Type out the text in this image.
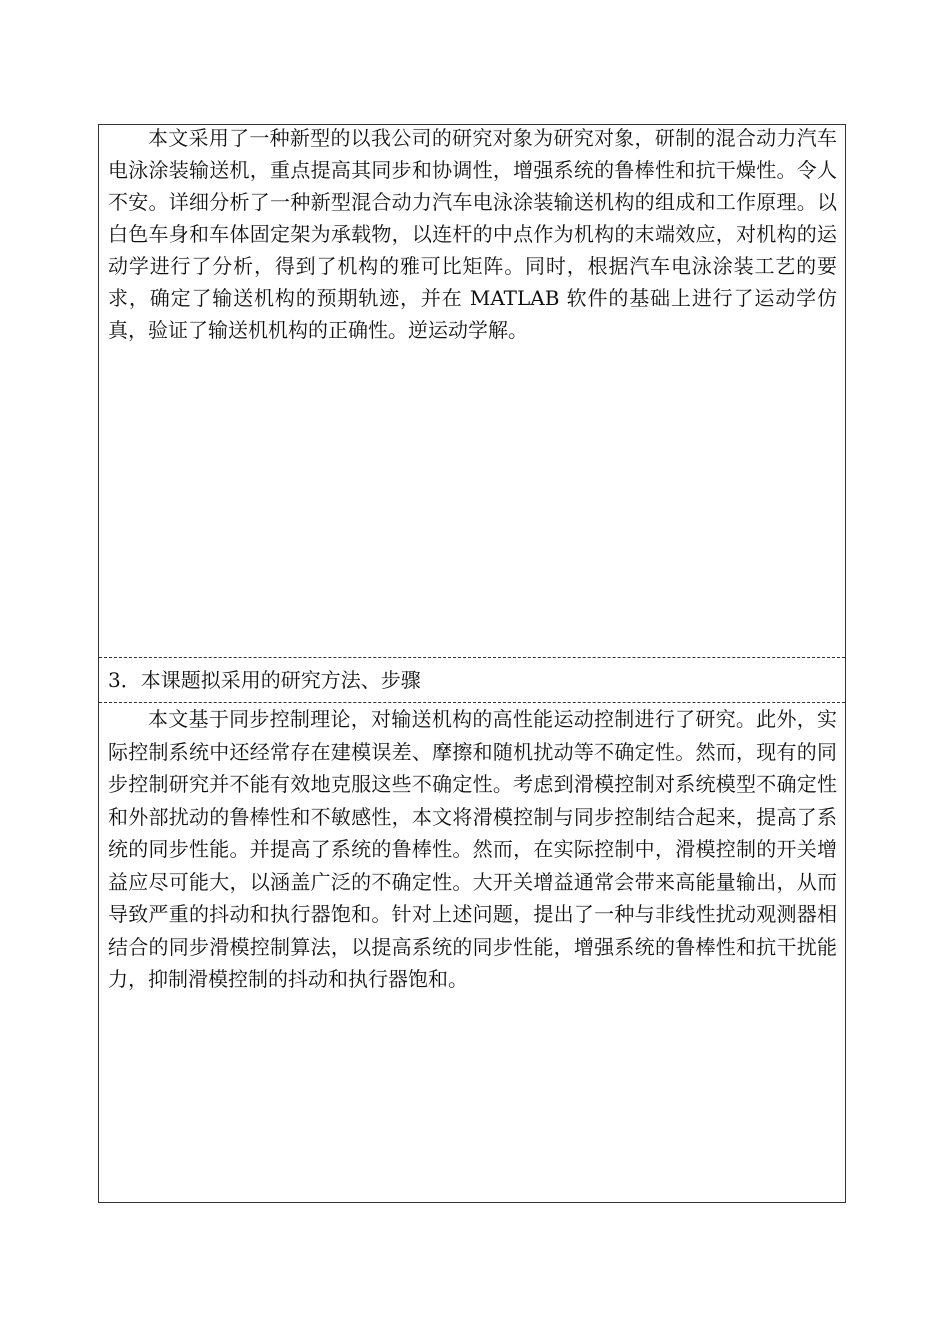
本文采用了一种新型的以我公司的研究对象为研究对象，研制的混合动力汽车电泳涂装输送机，重点提高其同步和协调性，增强系统的鲁棒性和抗干燥性。令人不安。详细分析了一种新型混合动力汽车电泳涂装输送机构的组成和工作原理。以白色车身和车体固定架为承载物，以连杆的中点作为机构的末端效应，对机构的运动学进行了分析，得到了机构的雅可比矩阵。同时，根据汽车电泳涂装工艺的要求，确定了输送机构的预期轨迹，并在 MATLAB 软件的基础上进行了运动学仿真，验证了输送机机构的正确性。逆运动学解。

3．本课题拟采用的研究方法、步骤

本文基于同步控制理论，对输送机构的高性能运动控制进行了研究。此外，实际控制系统中还经常存在建模误差、摩擦和随机扰动等不确定性。然而，现有的同步控制研究并不能有效地克服这些不确定性。考虑到滑模控制对系统模型不确定性和外部扰动的鲁棒性和不敏感性，本文将滑模控制与同步控制结合起来，提高了系统的同步性能。并提高了系统的鲁棒性。然而，在实际控制中，滑模控制的开关增益应尽可能大，以涵盖广泛的不确定性。大开关增益通常会带来高能量输出，从而导致严重的抖动和执行器饱和。针对上述问题，提出了一种与非线性扰动观测器相结合的同步滑模控制算法，以提高系统的同步性能，增强系统的鲁棒性和抗干扰能力，抑制滑模控制的抖动和执行器饱和。
